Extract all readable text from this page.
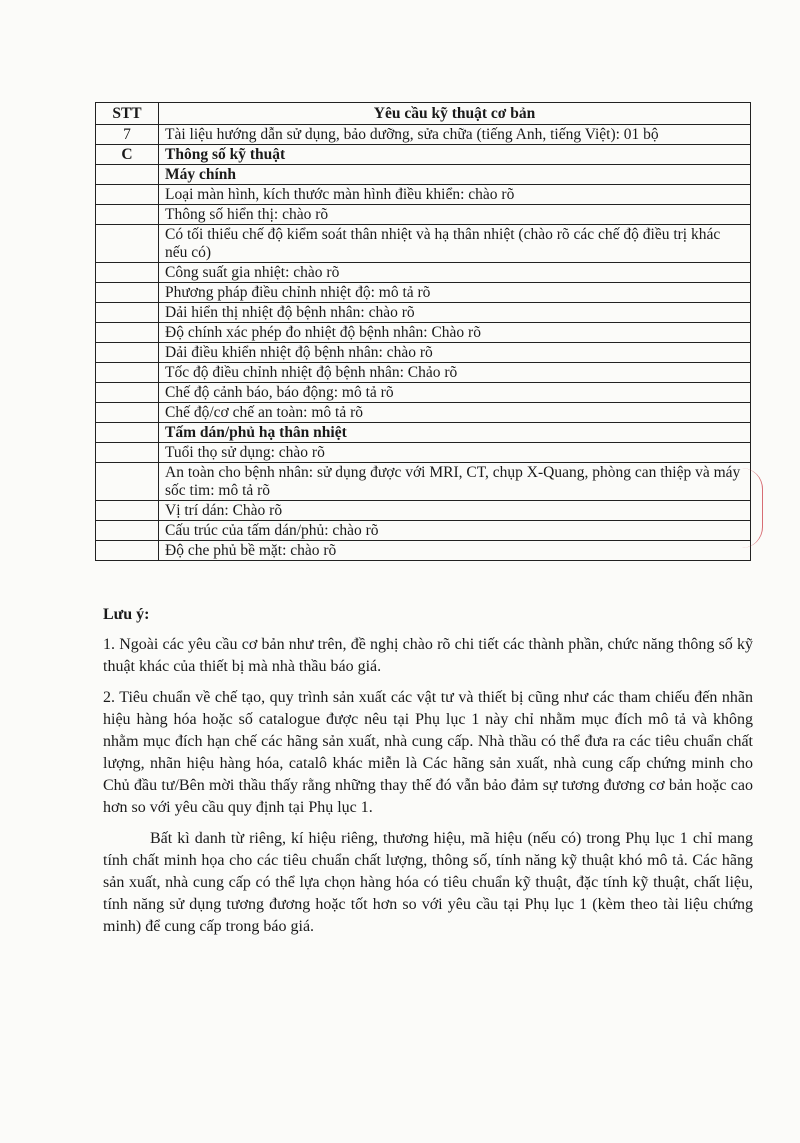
STT	Yêu cầu kỹ thuật cơ bản
7	Tài liệu hướng dẫn sử dụng, bảo dưỡng, sửa chữa (tiếng Anh, tiếng Việt): 01 bộ
C	Thông số kỹ thuật
	Máy chính
	Loại màn hình, kích thước màn hình điều khiển: chào rõ
	Thông số hiển thị: chào rõ
	Có tối thiểu chế độ kiểm soát thân nhiệt và hạ thân nhiệt (chào rõ các chế độ điều trị khác nếu có)
	Công suất gia nhiệt: chào rõ
	Phương pháp điều chỉnh nhiệt độ: mô tả rõ
	Dải hiển thị nhiệt độ bệnh nhân: chào rõ
	Độ chính xác phép đo nhiệt độ bệnh nhân: Chào rõ
	Dải điều khiển nhiệt độ bệnh nhân: chào rõ
	Tốc độ điều chỉnh nhiệt độ bệnh nhân: Chảo rõ
	Chế độ cảnh báo, báo động: mô tả rõ
	Chế độ/cơ chế an toàn: mô tả rõ
	Tấm dán/phủ hạ thân nhiệt
	Tuổi thọ sử dụng: chào rõ
	An toàn cho bệnh nhân: sử dụng được với MRI, CT, chụp X-Quang, phòng can thiệp và máy sốc tim: mô tả rõ
	Vị trí dán: Chào rõ
	Cấu trúc của tấm dán/phủ: chào rõ
	Độ che phủ bề mặt: chào rõ
Lưu ý:

1. Ngoài các yêu cầu cơ bản như trên, đề nghị chào rõ chi tiết các thành phần, chức năng thông số kỹ thuật khác của thiết bị mà nhà thầu báo giá.

2. Tiêu chuẩn về chế tạo, quy trình sản xuất các vật tư và thiết bị cũng như các tham chiếu đến nhãn hiệu hàng hóa hoặc số catalogue được nêu tại Phụ lục 1 này chỉ nhằm mục đích mô tả và không nhằm mục đích hạn chế các hãng sản xuất, nhà cung cấp. Nhà thầu có thể đưa ra các tiêu chuẩn chất lượng, nhãn hiệu hàng hóa, catalô khác miễn là Các hãng sản xuất, nhà cung cấp chứng minh cho Chủ đầu tư/Bên mời thầu thấy rằng những thay thế đó vẫn bảo đảm sự tương đương cơ bản hoặc cao hơn so với yêu cầu quy định tại Phụ lục 1.

Bất kì danh từ riêng, kí hiệu riêng, thương hiệu, mã hiệu (nếu có) trong Phụ lục 1 chỉ mang tính chất minh họa cho các tiêu chuẩn chất lượng, thông số, tính năng kỹ thuật khó mô tả. Các hãng sản xuất, nhà cung cấp có thể lựa chọn hàng hóa có tiêu chuẩn kỹ thuật, đặc tính kỹ thuật, chất liệu, tính năng sử dụng tương đương hoặc tốt hơn so với yêu cầu tại Phụ lục 1 (kèm theo tài liệu chứng minh) để cung cấp trong báo giá.
